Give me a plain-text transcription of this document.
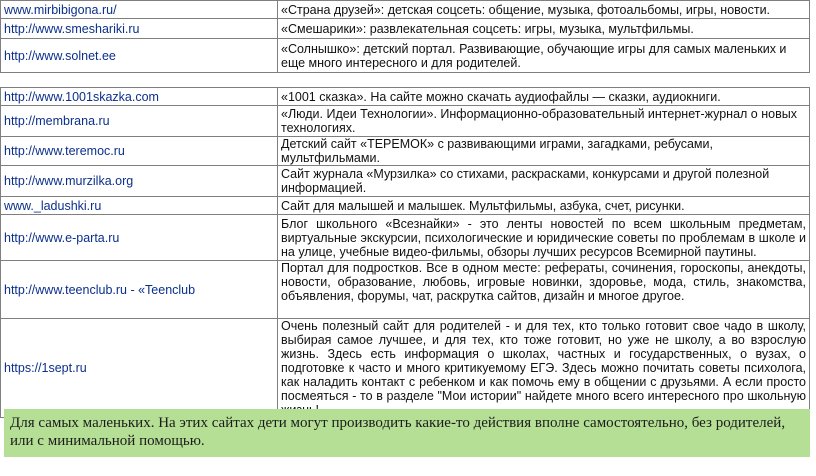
www.mirbibigona.ru/	«Страна друзей»: детская соцсеть: общение, музыка, фотоальбомы, игры, новости.
http://www.smeshariki.ru	«Смешарики»: развлекательная соцсеть: игры, музыка, мультфильмы.
http://www.solnet.ee	«Солнышко»: детский портал. Развивающие, обучающие игры для самых маленьких и еще много интересного и для родителей.

http://www.1001skazka.com	«1001 сказка». На сайте можно скачать аудиофайлы — сказки, аудиокниги.
http://membrana.ru	«Люди. Идеи Технологии». Информационно-образовательный интернет-журнал о новых технологиях.
http://www.teremoc.ru	Детский сайт «ТЕРЕМОК» с развивающими играми, загадками, ребусами, мультфильмами.
http://www.murzilka.org	Сайт журнала «Мурзилка» со стихами, раскрасками, конкурсами и другой полезной информацией.
www._ladushki.ru	Сайт для малышей и малышек. Мультфильмы, азбука, счет, рисунки.
http://www.e-parta.ru	Блог школьного «Всезнайки» - это ленты новостей по всем школьным предметам, виртуальные экскурсии, психологические и юридические советы по проблемам в школе и на улице, учебные видео-фильмы, обзоры лучших ресурсов Всемирной паутины.
http://www.teenclub.ru - «Teenclub	Портал для подростков. Все в одном месте: рефераты, сочинения, гороскопы, анекдоты, новости, образование, любовь, игровые новинки, здоровье, мода, стиль, знакомства, объявления, форумы, чат, раскрутка сайтов, дизайн и многое другое.
https://1sept.ru	Очень полезный сайт для родителей - и для тех, кто только готовит свое чадо в школу, выбирая самое лучшее, и для тех, кто тоже готовит, но уже не школу, а во взрослую жизнь. Здесь есть информация о школах, частных и государственных, о вузах, о подготовке к часто и много критикуемому ЕГЭ. Здесь можно почитать советы психолога, как наладить контакт с ребенком и как помочь ему в общении с друзьями. А если просто посмеяться - то в разделе "Мои истории" найдете много всего интересного про школьную
Для самых маленьких. На этих сайтах дети могут производить какие-то действия вполне самостоятельно, без родителей, или с минимальной помощью.
